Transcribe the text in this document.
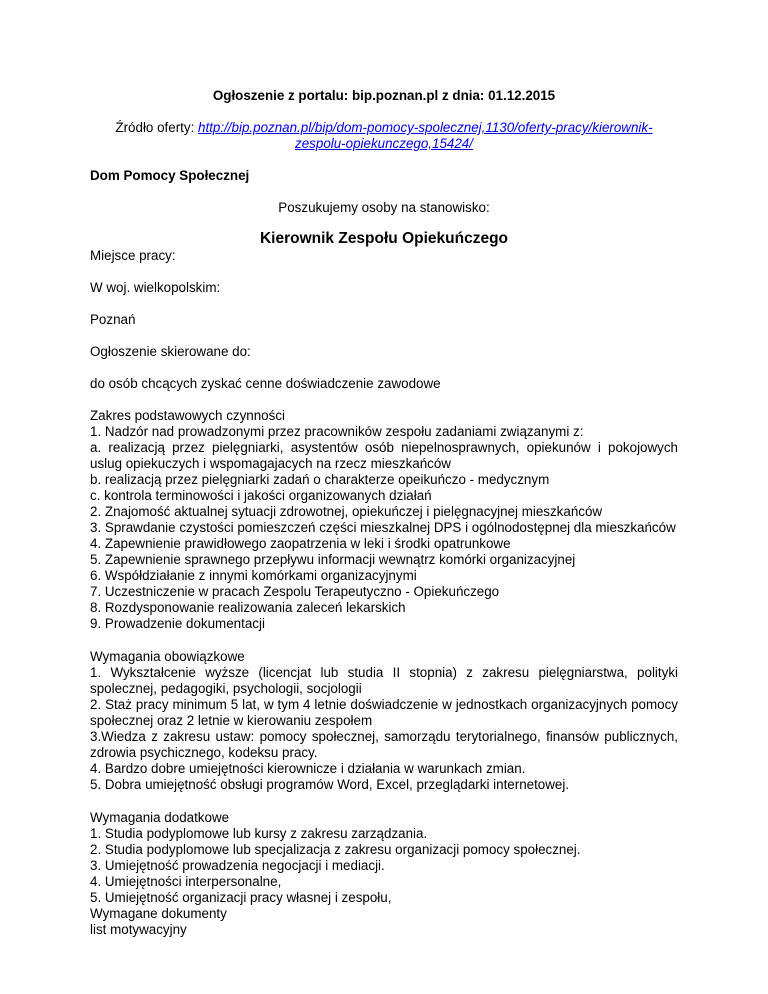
Ogłoszenie z portalu: bip.poznan.pl z dnia: 01.12.2015

Źródło oferty: http://bip.poznan.pl/bip/dom-pomocy-spolecznej,1130/oferty-pracy/kierownik-
zespolu-opiekunczego,15424/

Dom Pomocy Społecznej

Poszukujemy osoby na stanowisko:

Kierownik Zespołu Opiekuńczego

Miejsce pracy:

W woj. wielkopolskim:

Poznań

Ogłoszenie skierowane do:

do osób chcących zyskać cenne doświadczenie zawodowe

Zakres podstawowych czynności

1. Nadzór nad prowadzonymi przez pracowników zespołu zadaniami związanymi z:

a. realizacją przez pielęgniarki, asystentów osób niepelnosprawnych, opiekunów i pokojowych uslug opiekuczych i wspomagajacych na rzecz mieszkańców

b. realizacją przez pielęgniarki zadań o charakterze opeikuńczo - medycznym

c. kontrola terminowości i jakości organizowanych działań

2. Znajomość aktualnej sytuacji zdrowotnej, opiekuńczej i pielęgnacyjnej mieszkańców

3. Sprawdanie czystości pomieszczeń części mieszkalnej DPS i ogólnodostępnej dla mieszkańców

4. Zapewnienie prawidłowego zaopatrzenia w leki i środki opatrunkowe

5. Zapewnienie sprawnego przepływu informacji wewnątrz komórki organizacyjnej

6. Współdziałanie z innymi komórkami organizacyjnymi

7. Uczestniczenie w pracach Zespolu Terapeutyczno - Opiekuńczego

8. Rozdysponowanie realizowania zaleceń lekarskich

9. Prowadzenie dokumentacji

Wymagania obowiązkowe

1. Wykształcenie wyższe (licencjat lub studia II stopnia) z zakresu pielęgniarstwa, polityki spolecznej, pedagogiki, psychologii, socjologii

2. Staż pracy minimum 5 lat, w tym 4 letnie doświadczenie w jednostkach organizacyjnych pomocy społecznej oraz 2 letnie w kierowaniu zespołem

3.Wiedza z zakresu ustaw: pomocy społecznej, samorządu terytorialnego, finansów publicznych, zdrowia psychicznego, kodeksu pracy.

4. Bardzo dobre umiejętności kierownicze i działania w warunkach zmian.

5. Dobra umiejętność obsługi programów Word, Excel, przeglądarki internetowej.

Wymagania dodatkowe

1. Studia podyplomowe lub kursy z zakresu zarządzania.

2. Studia podyplomowe lub specjalizacja z zakresu organizacji pomocy społecznej.

3. Umiejętność prowadzenia negocjacji i mediacji.

4. Umiejętności interpersonalne,

5. Umiejętność organizacji pracy własnej i zespołu,

Wymagane dokumenty

list motywacyjny
